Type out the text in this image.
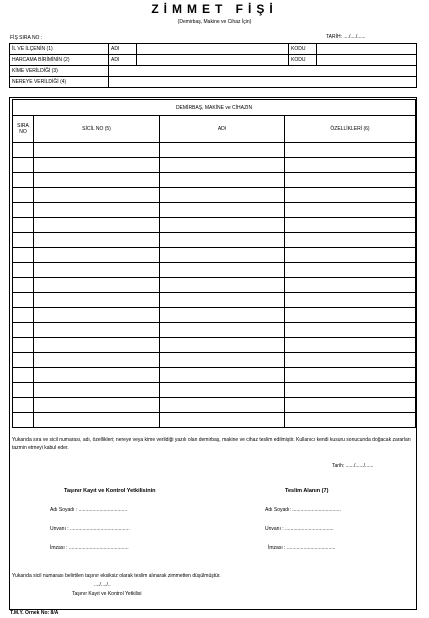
ZİMMET FİŞİ
(Demirbaş, Makine ve Cihaz İçin)
FİŞ SIRA NO :	TARİH: ..../..../......
İL VE İLÇENİN (1)	ADI		KODU	
HARCAMA BİRİMİNİN (2)	ADI		KODU	
KİME VERİLDİĞİ (3)				
NEREYE VERİLDİĞİ (4)				
DEMİRBAŞ, MAKİNE ve CİHAZIN			
SIRA
NO	SİCİL NO (5)	ADI	ÖZELLİKLERİ (6)

Yukarıda sıra ve sicil numarası, adı, özellikleri; nereye veya kime verildiği yazılı olan demirbaş, makine ve cihaz teslim edilmiştir. Kullanıcı kendi kusuru sonucunda doğacak zararları tazmin etmeyi kabul eder.
Tarih: ....../....../......
Taşınır Kayıt ve Kontrol Yetkilisinin
Adı Soyadı : ...................................
Unvanı : ...........................................
İmzası : ...........................................
Teslim Alanın (7)
Adı Soyadı: ...................................
Unvanı : ...................................
İmzası : ...................................
Yukarıda sicil numarası belirtilen taşınır eksiksiz olarak teslim alınarak zimmetten düşülmüştür.
..../..../..
Taşınır Kayıt ve Kontrol Yetkilisi
T.M.Y. Örnek No: 8/A
